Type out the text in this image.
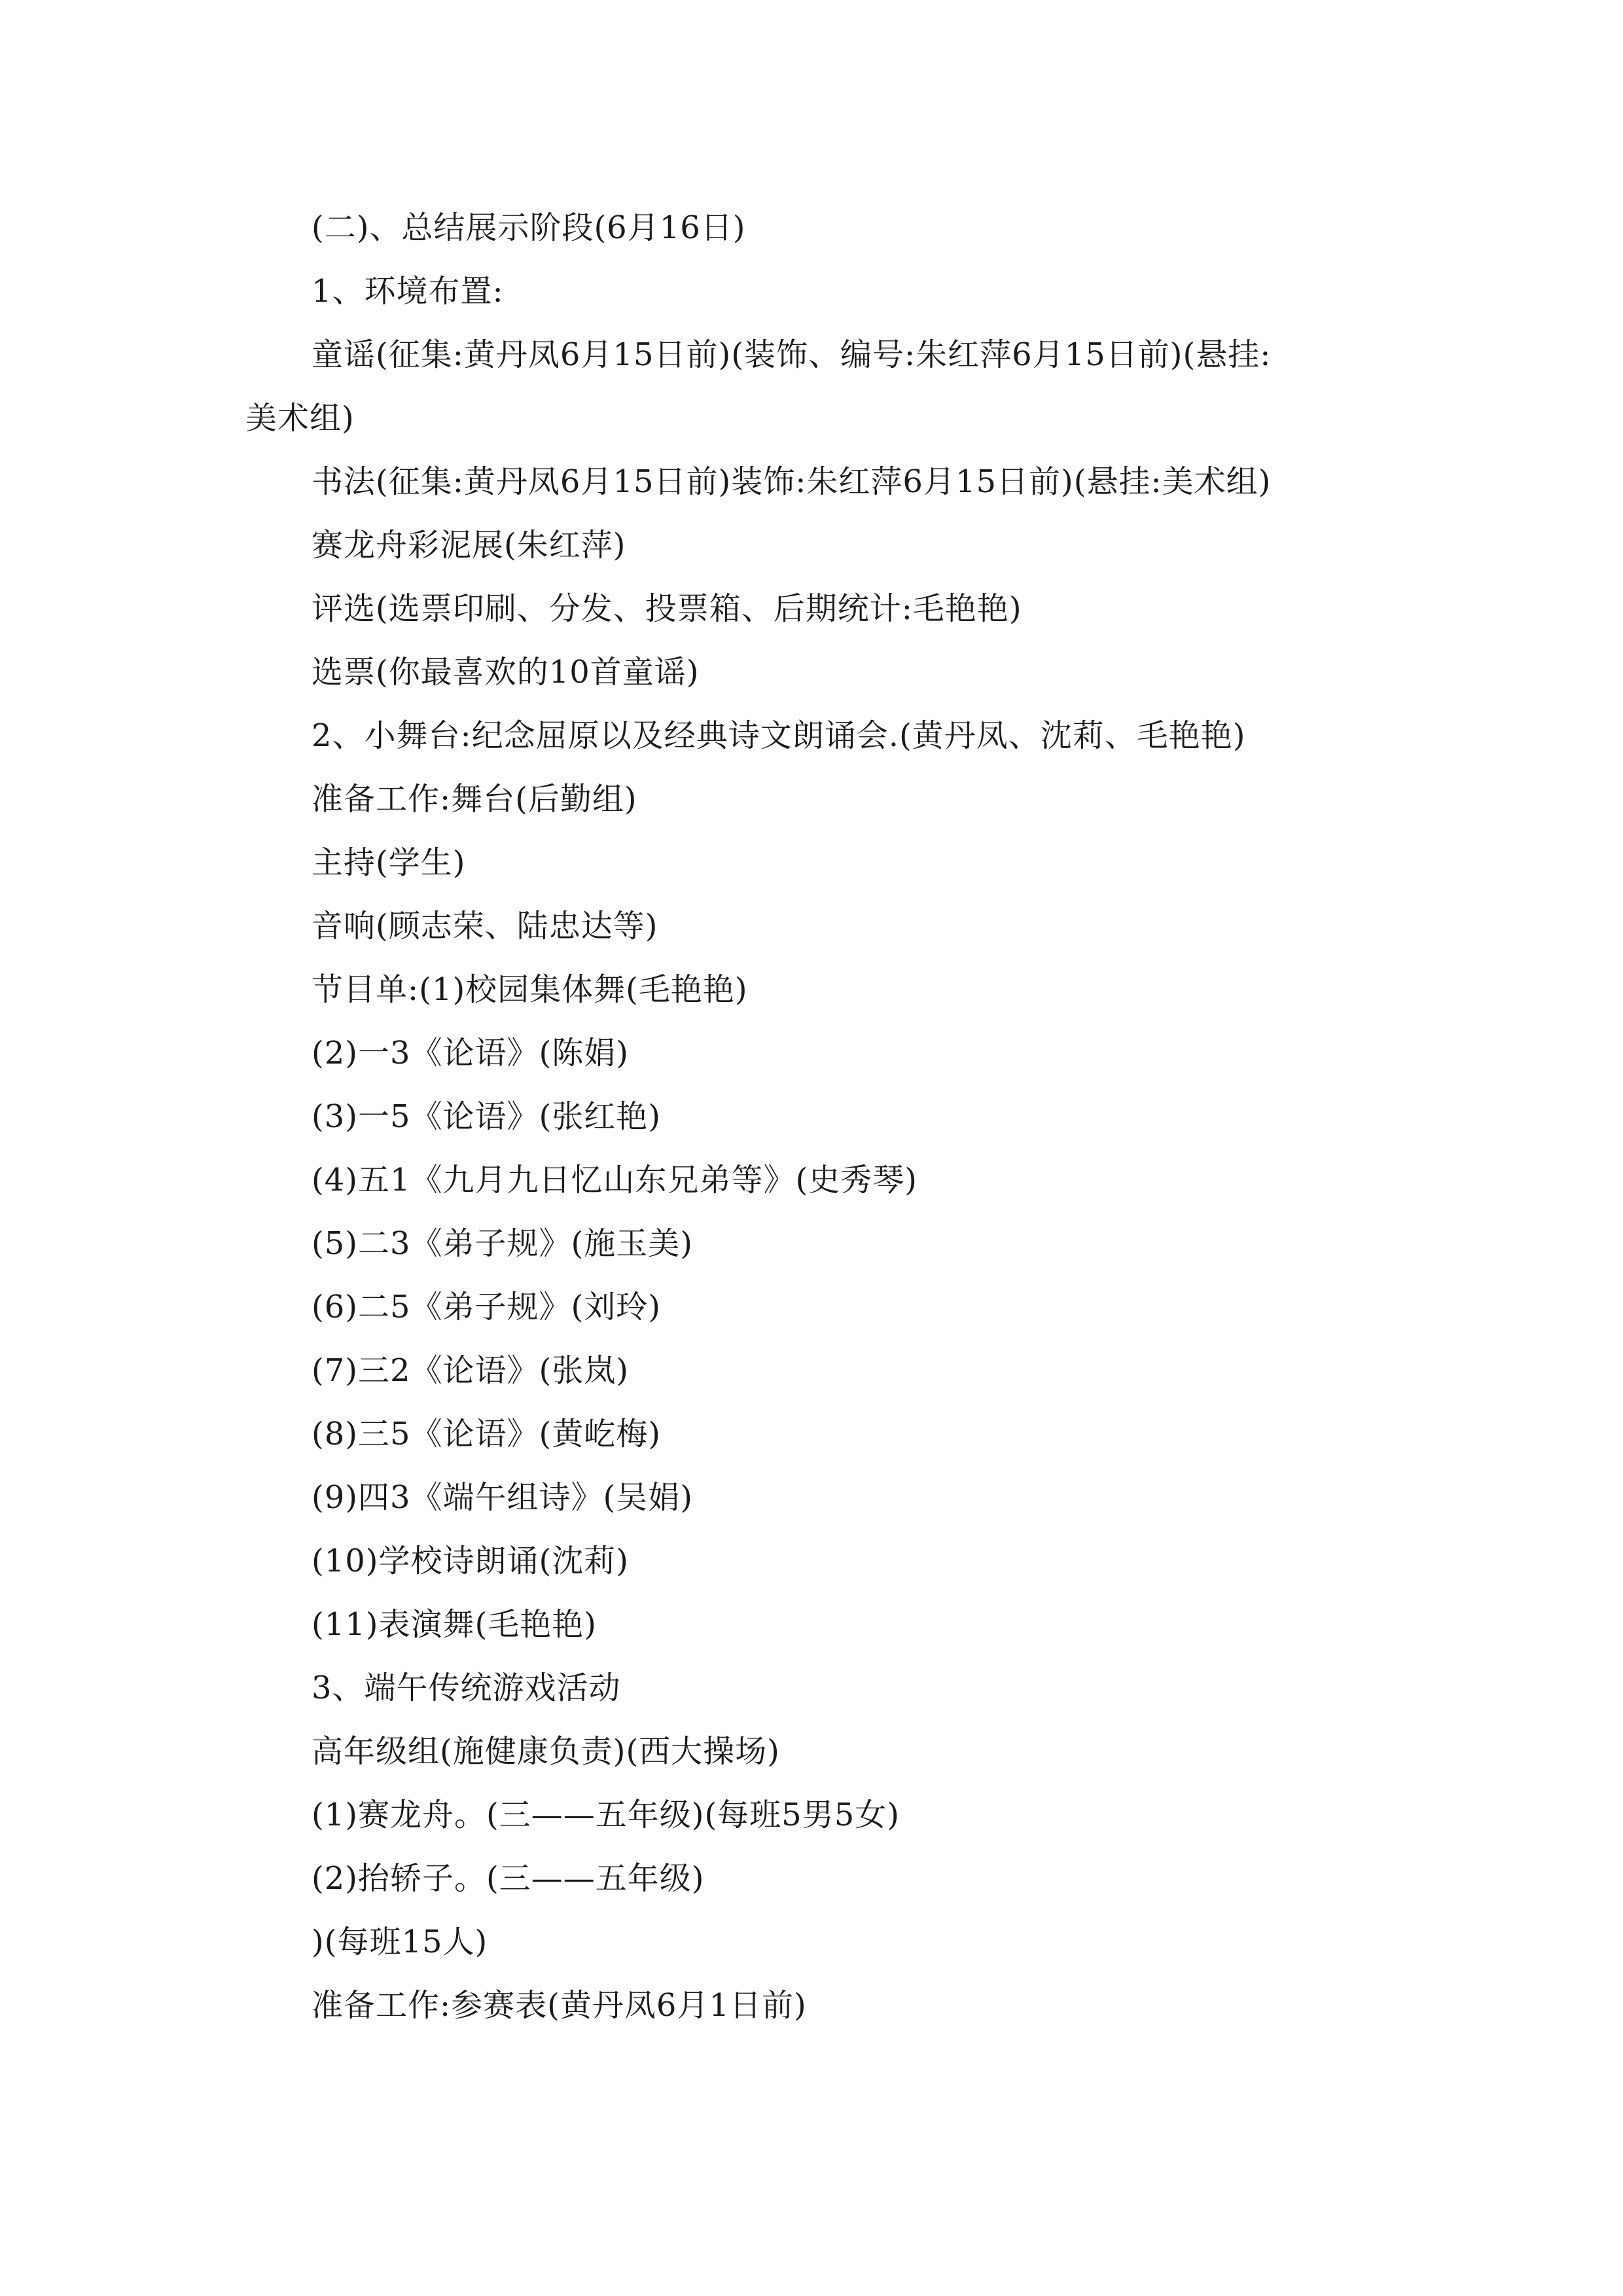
(二)、总结展示阶段(6月16日)
1、环境布置:
童谣(征集:黄丹凤6月15日前)(装饰、编号:朱红萍6月15日前)(悬挂:
美术组)
书法(征集:黄丹凤6月15日前)装饰:朱红萍6月15日前)(悬挂:美术组)
赛龙舟彩泥展(朱红萍)
评选(选票印刷、分发、投票箱、后期统计:毛艳艳)
选票(你最喜欢的10首童谣)
2、小舞台:纪念屈原以及经典诗文朗诵会.(黄丹凤、沈莉、毛艳艳)
准备工作:舞台(后勤组)
主持(学生)
音响(顾志荣、陆忠达等)
节目单:(1)校园集体舞(毛艳艳)
(2)一3《论语》(陈娟)
(3)一5《论语》(张红艳)
(4)五1《九月九日忆山东兄弟等》(史秀琴)
(5)二3《弟子规》(施玉美)
(6)二5《弟子规》(刘玲)
(7)三2《论语》(张岚)
(8)三5《论语》(黄屹梅)
(9)四3《端午组诗》(吴娟)
(10)学校诗朗诵(沈莉)
(11)表演舞(毛艳艳)
3、端午传统游戏活动
高年级组(施健康负责)(西大操场)
(1)赛龙舟。(三——五年级)(每班5男5女)
(2)抬轿子。(三——五年级)
)(每班15人)
准备工作:参赛表(黄丹凤6月1日前)
